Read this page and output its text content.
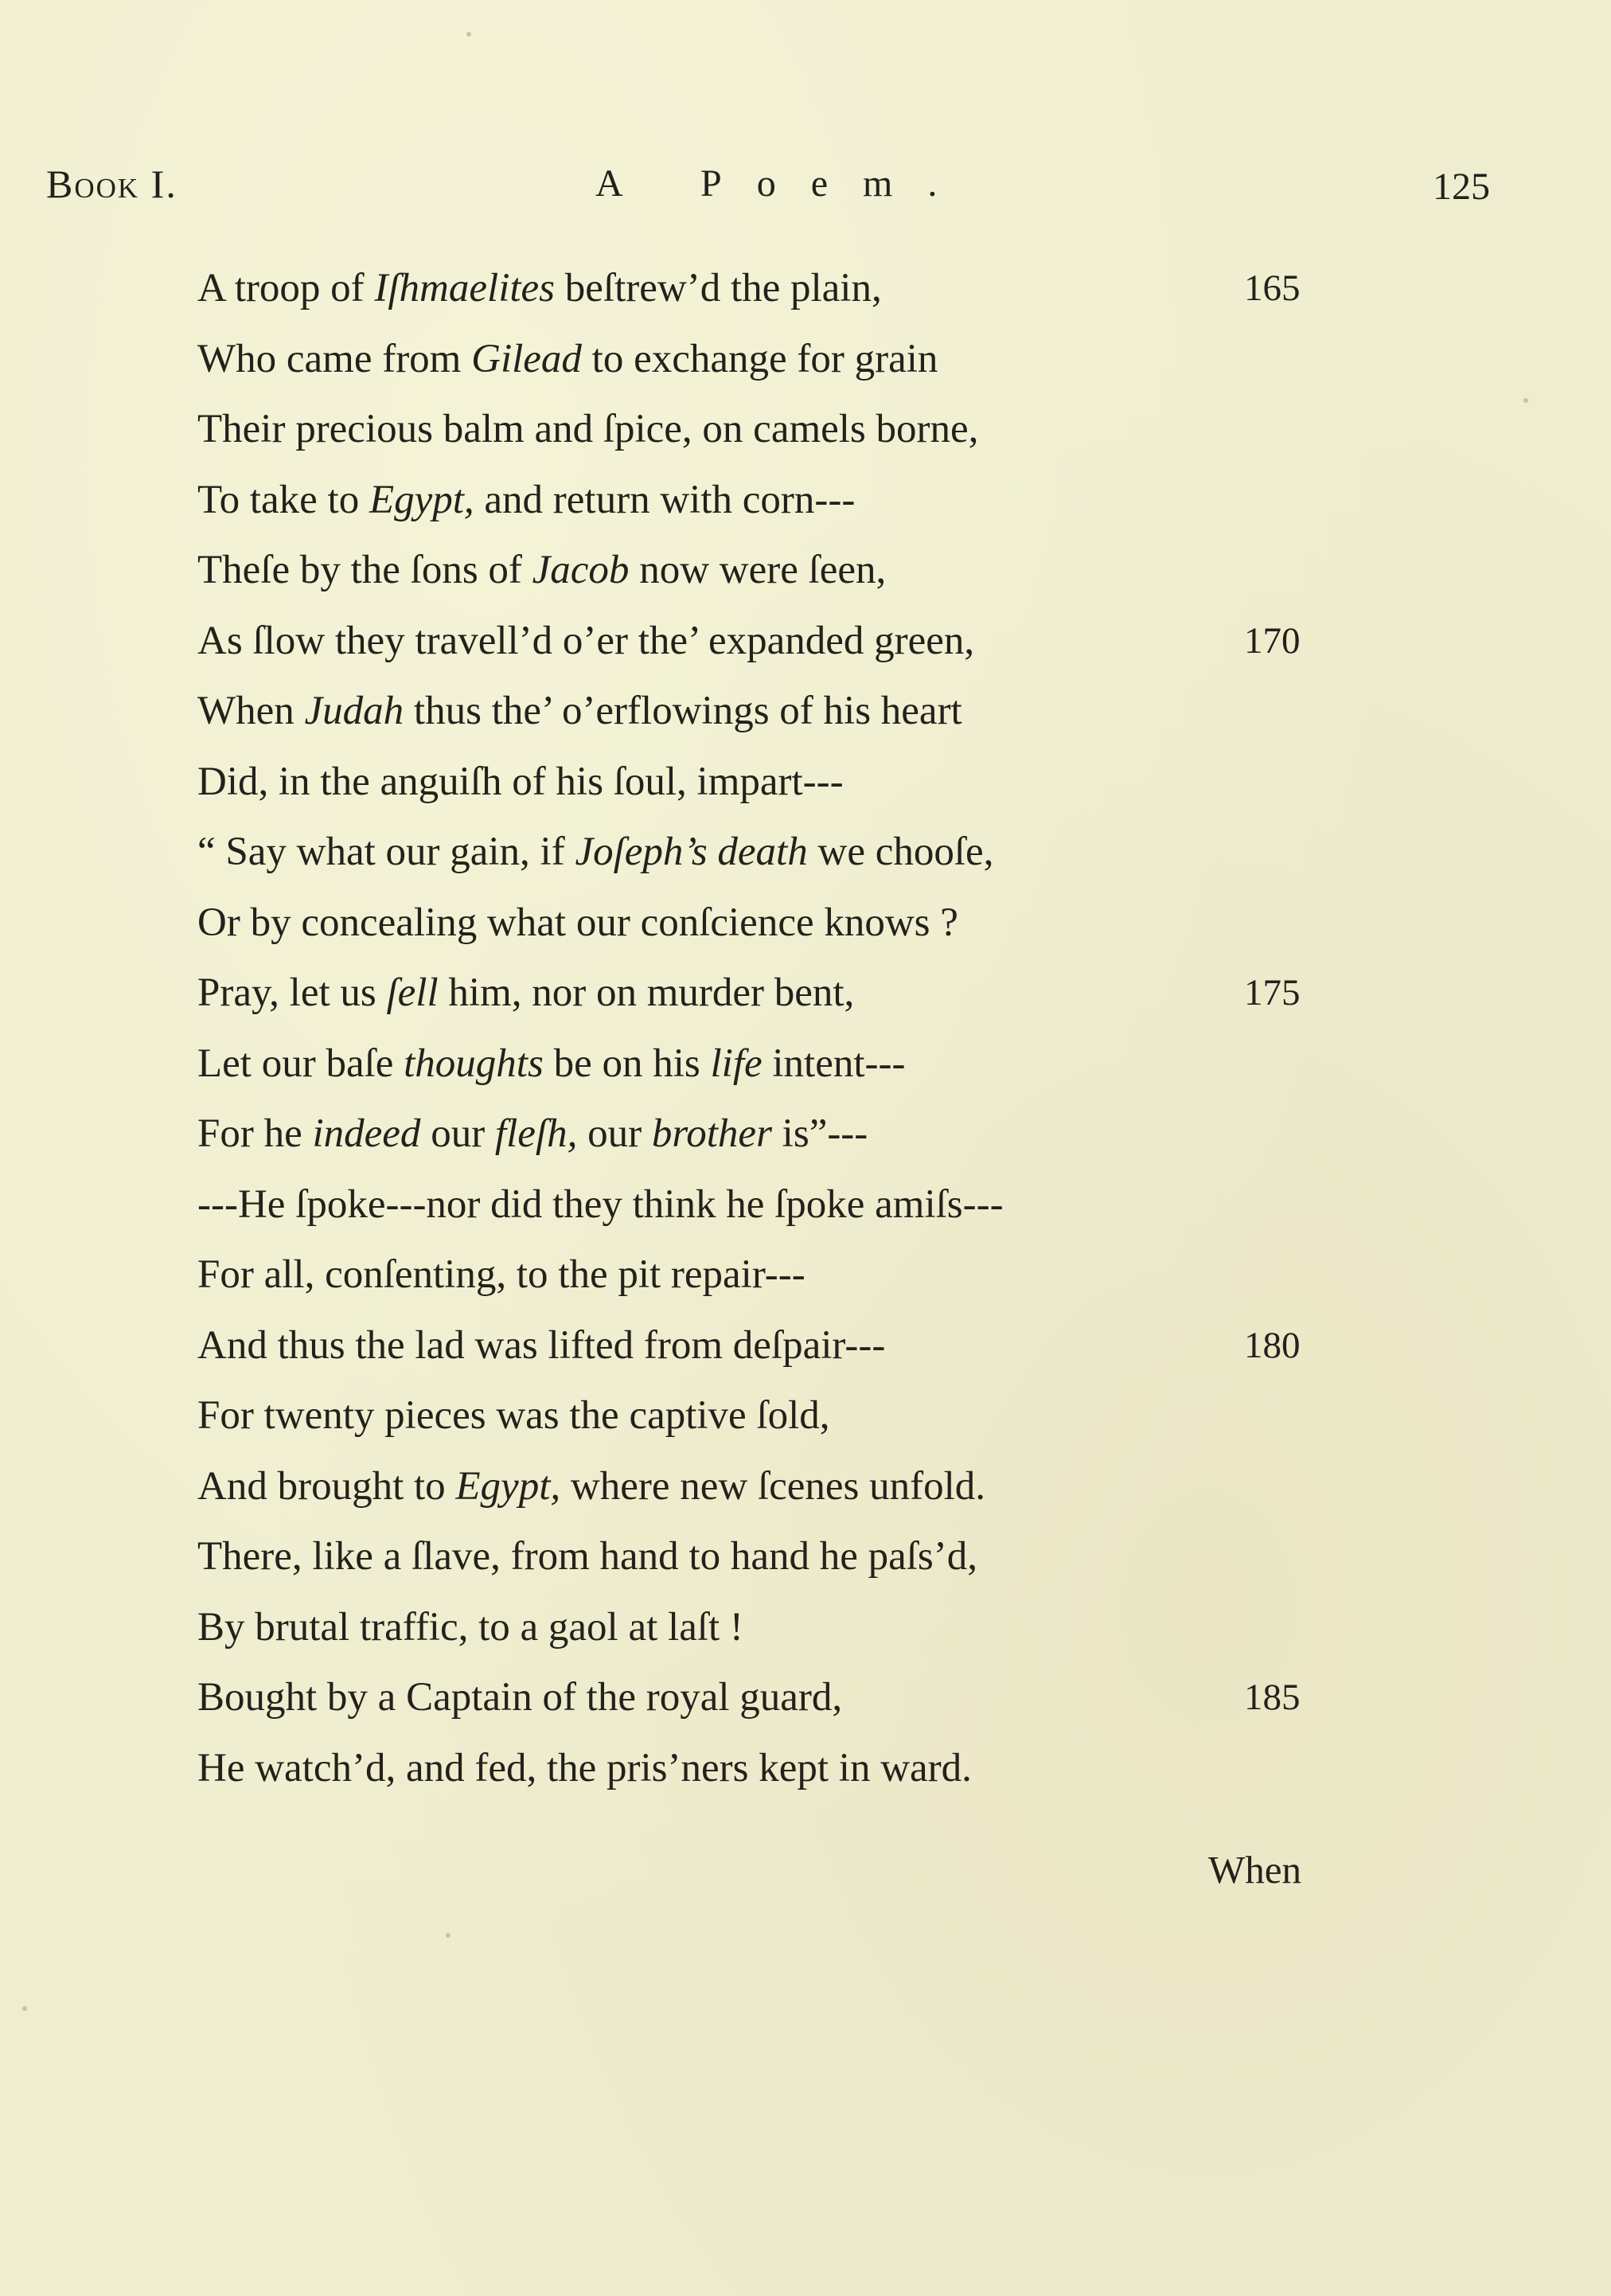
Book I.	A Poem.	125
A troop of Iſhmaelites beſtrew’d the plain,	165
Who came from Gilead to exchange for grain
Their precious balm and ſpice, on camels borne,
To take to Egypt, and return with corn---
Theſe by the ſons of Jacob now were ſeen,
As ſlow they travell’d o’er the’ expanded green,	170
When Judah thus the’ o’erflowings of his heart
Did, in the anguiſh of his ſoul, impart---
“ Say what our gain, if Joſeph’s death we chooſe,
Or by concealing what our conſcience knows ?
Pray, let us ſell him, nor on murder bent,	175
Let our baſe thoughts be on his life intent---
For he indeed our fleſh, our brother is”---
---He ſpoke---nor did they think he ſpoke amiſs---
For all, conſenting, to the pit repair---
And thus the lad was lifted from deſpair---	180
For twenty pieces was the captive ſold,
And brought to Egypt, where new ſcenes unfold.
There, like a ſlave, from hand to hand he paſs’d,
By brutal traffic, to a gaol at laſt !
Bought by a Captain of the royal guard,	185
He watch’d, and fed, the pris’ners kept in ward.
When
